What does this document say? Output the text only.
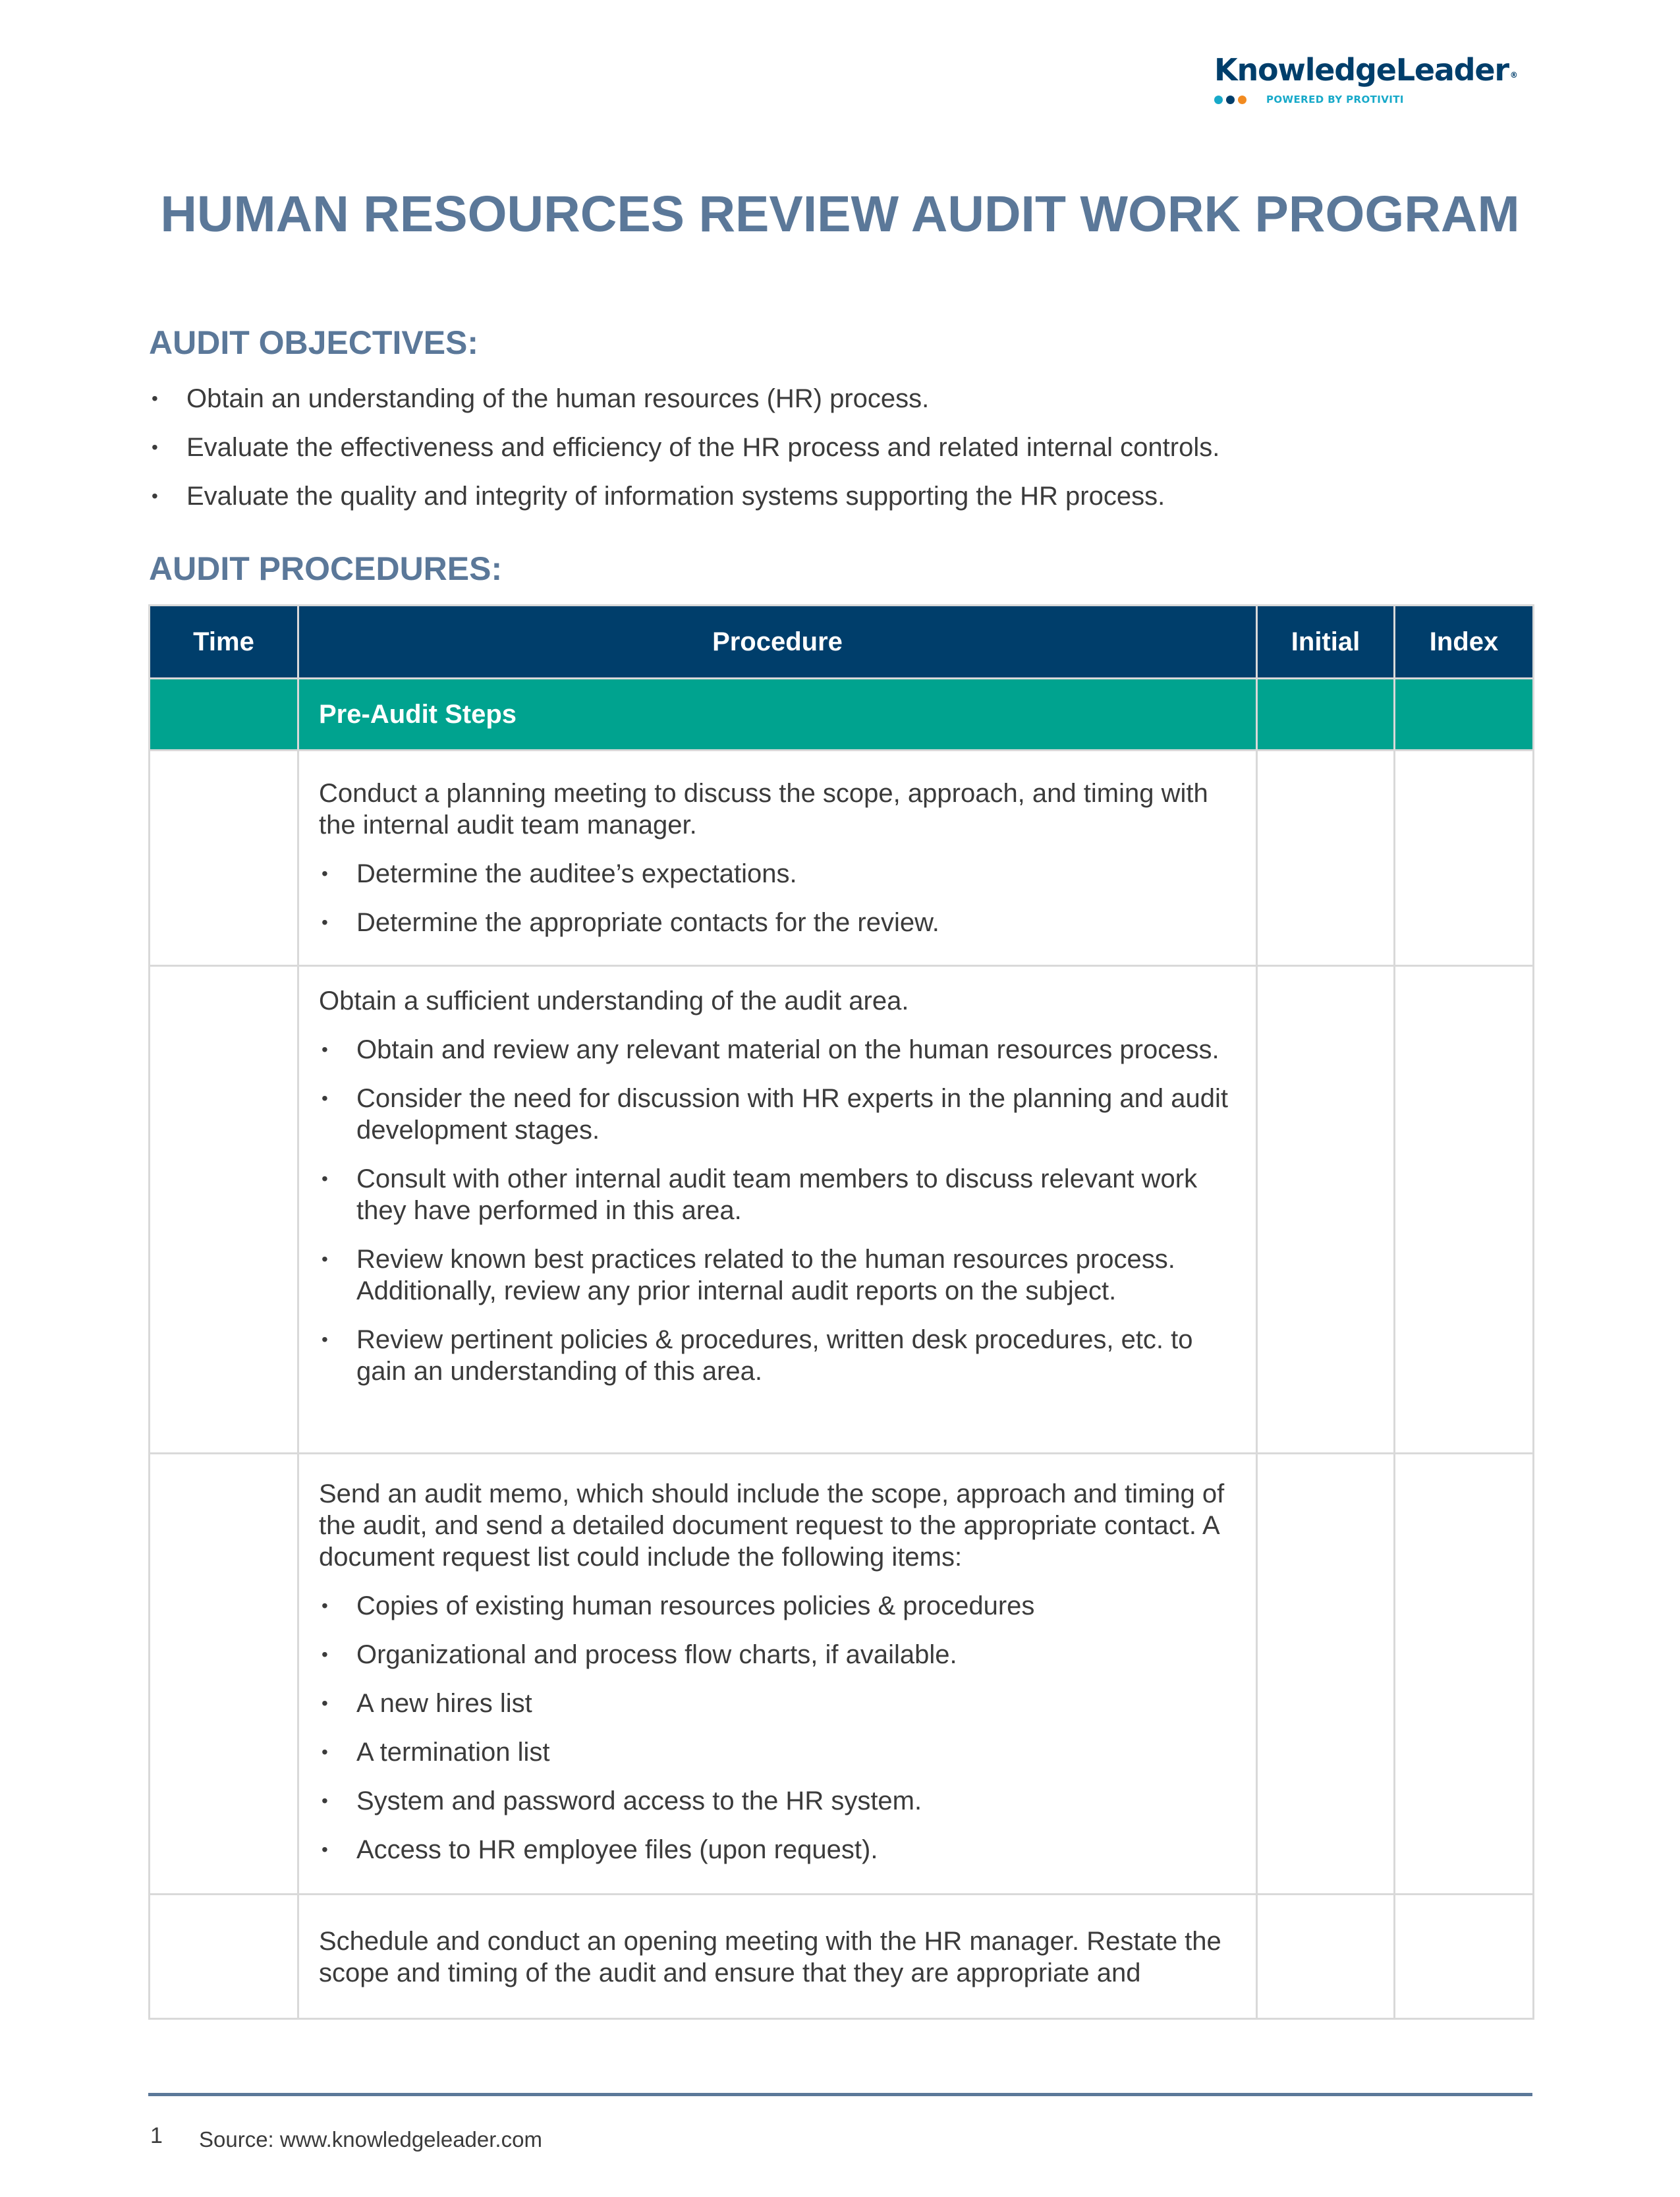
KnowledgeLeader ®
POWERED BY PROTIVITI
HUMAN RESOURCES REVIEW AUDIT WORK PROGRAM
AUDIT OBJECTIVES:
•	Obtain an understanding of the human resources (HR) process.
•	Evaluate the effectiveness and efficiency of the HR process and related internal controls.
•	Evaluate the quality and integrity of information systems supporting the HR process.
AUDIT PROCEDURES:
Time	Procedure	Initial	Index
	Pre-Audit Steps		

Conduct a planning meeting to discuss the scope, approach, and timing with the internal audit team manager.

•	Determine the auditee’s expectations.
•	Determine the appropriate contacts for the review.

Obtain a sufficient understanding of the audit area.

•	Obtain and review any relevant material on the human resources process.
•	Consider the need for discussion with HR experts in the planning and audit development stages.
•	Consult with other internal audit team members to discuss relevant work they have performed in this area.
•	Review known best practices related to the human resources process. Additionally, review any prior internal audit reports on the subject.
•	Review pertinent policies & procedures, written desk procedures, etc. to gain an understanding of this area.

Send an audit memo, which should include the scope, approach and timing of the audit, and send a detailed document request to the appropriate contact. A document request list could include the following items:

•	Copies of existing human resources policies & procedures
•	Organizational and process flow charts, if available.
•	A new hires list
•	A termination list
•	System and password access to the HR system.
•	Access to HR employee files (upon request).

	Schedule and conduct an opening meeting with the HR manager. Restate the scope and timing of the audit and ensure that they are appropriate and		

1 Source: www.knowledgeleader.com
